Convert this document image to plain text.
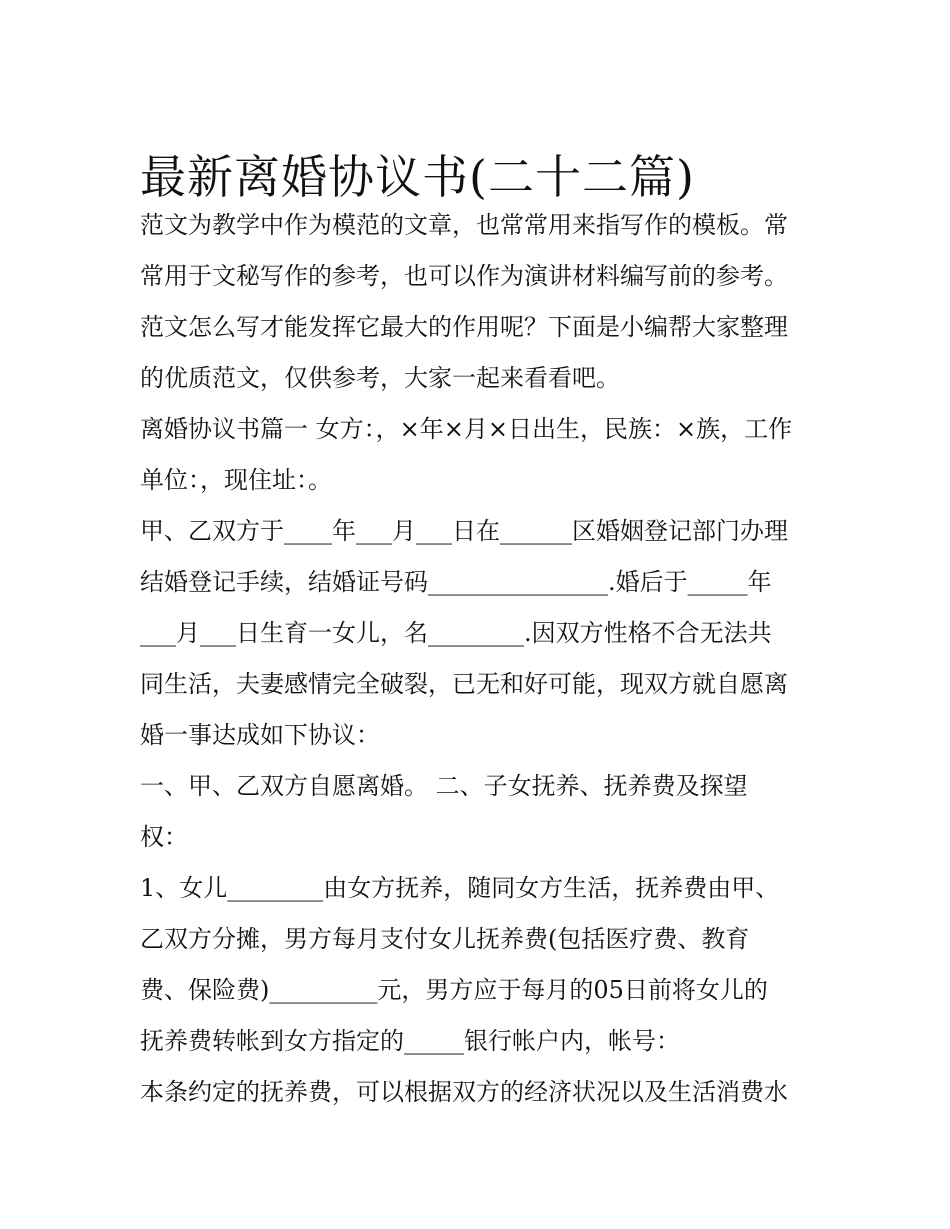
最新离婚协议书(二十二篇)
范文为教学中作为模范的文章，也常常用来指写作的模板。常
常用于文秘写作的参考，也可以作为演讲材料编写前的参考。
范文怎么写才能发挥它最大的作用呢？下面是小编帮大家整理
的优质范文，仅供参考，大家一起来看看吧。
离婚协议书篇一 女方：，×年×月×日出生，民族：×族，工作
单位：，现住址：。
甲、乙双方于____年___月___日在______区婚姻登记部门办理
结婚登记手续，结婚证号码_______________.婚后于_____年
___月___日生育一女儿，名________.因双方性格不合无法共
同生活，夫妻感情完全破裂，已无和好可能，现双方就自愿离
婚一事达成如下协议：
一、甲、乙双方自愿离婚。 二、子女抚养、抚养费及探望
权：
1、女儿________由女方抚养，随同女方生活，抚养费由甲、
乙双方分摊，男方每月支付女儿抚养费(包括医疗费、教育
费、保险费)_________元，男方应于每月的05日前将女儿的
抚养费转帐到女方指定的_____银行帐户内，帐号：
本条约定的抚养费，可以根据双方的经济状况以及生活消费水
